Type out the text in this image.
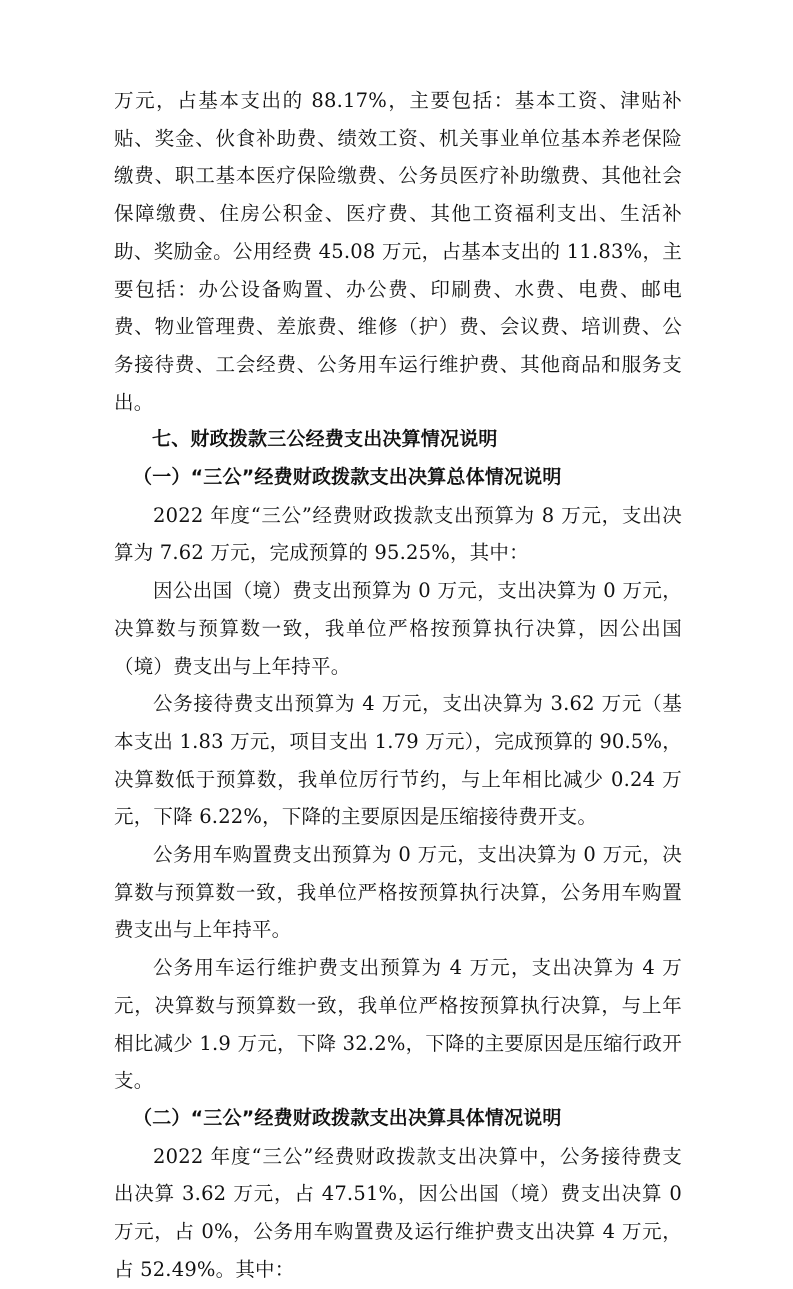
万元，占基本支出的 88.17%，主要包括：基本工资、津贴补贴、奖金、伙食补助费、绩效工资、机关事业单位基本养老保险缴费、职工基本医疗保险缴费、公务员医疗补助缴费、其他社会保障缴费、住房公积金、医疗费、其他工资福利支出、生活补助、奖励金。公用经费 45.08 万元，占基本支出的 11.83%，主要包括：办公设备购置、办公费、印刷费、水费、电费、邮电费、物业管理费、差旅费、维修（护）费、会议费、培训费、公务接待费、工会经费、公务用车运行维护费、其他商品和服务支出。

七、财政拨款三公经费支出决算情况说明

（一）“三公”经费财政拨款支出决算总体情况说明

2022 年度“三公”经费财政拨款支出预算为 8 万元，支出决算为 7.62 万元，完成预算的 95.25%，其中：

因公出国（境）费支出预算为 0 万元，支出决算为 0 万元，决算数与预算数一致，我单位严格按预算执行决算，因公出国（境）费支出与上年持平。

公务接待费支出预算为 4 万元，支出决算为 3.62 万元（基本支出 1.83 万元，项目支出 1.79 万元），完成预算的 90.5%，决算数低于预算数，我单位厉行节约，与上年相比减少 0.24 万元，下降 6.22%，下降的主要原因是压缩接待费开支。

公务用车购置费支出预算为 0 万元，支出决算为 0 万元，决算数与预算数一致，我单位严格按预算执行决算，公务用车购置费支出与上年持平。

公务用车运行维护费支出预算为 4 万元，支出决算为 4 万元，决算数与预算数一致，我单位严格按预算执行决算，与上年相比减少 1.9 万元，下降 32.2%，下降的主要原因是压缩行政开支。

（二）“三公”经费财政拨款支出决算具体情况说明

2022 年度“三公”经费财政拨款支出决算中，公务接待费支出决算 3.62 万元，占 47.51%，因公出国（境）费支出决算 0 万元，占 0%，公务用车购置费及运行维护费支出决算 4 万元，占 52.49%。其中：
